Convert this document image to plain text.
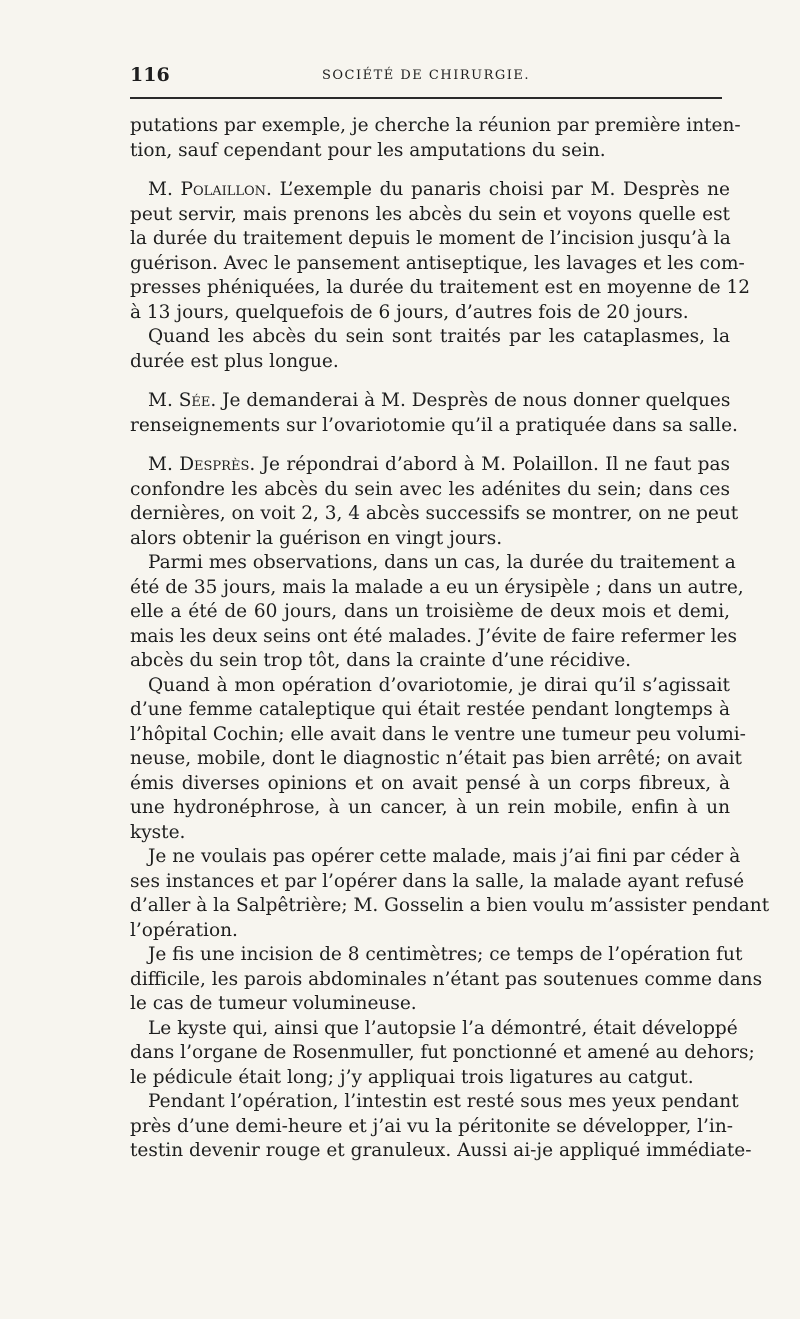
116	SOCIÉTÉ DE CHIRURGIE.
putations par exemple, je cherche la réunion par première inten-
tion, sauf cependant pour les amputations du sein.
M. Polaillon. L’exemple du panaris choisi par M. Desprès ne
peut servir, mais prenons les abcès du sein et voyons quelle est
la durée du traitement depuis le moment de l’incision jusqu’à la
guérison. Avec le pansement antiseptique, les lavages et les com-
presses phéniquées, la durée du traitement est en moyenne de 12
à 13 jours, quelquefois de 6 jours, d’autres fois de 20 jours.
Quand les abcès du sein sont traités par les cataplasmes, la
durée est plus longue.
M. Sée. Je demanderai à M. Desprès de nous donner quelques
renseignements sur l’ovariotomie qu’il a pratiquée dans sa salle.
M. Desprès. Je répondrai d’abord à M. Polaillon. Il ne faut pas
confondre les abcès du sein avec les adénites du sein; dans ces
dernières, on voit 2, 3, 4 abcès successifs se montrer, on ne peut
alors obtenir la guérison en vingt jours.
Parmi mes observations, dans un cas, la durée du traitement a
été de 35 jours, mais la malade a eu un érysipèle ; dans un autre,
elle a été de 60 jours, dans un troisième de deux mois et demi,
mais les deux seins ont été malades. J’évite de faire refermer les
abcès du sein trop tôt, dans la crainte d’une récidive.
Quand à mon opération d’ovariotomie, je dirai qu’il s’agissait
d’une femme cataleptique qui était restée pendant longtemps à
l’hôpital Cochin; elle avait dans le ventre une tumeur peu volumi-
neuse, mobile, dont le diagnostic n’était pas bien arrêté; on avait
émis diverses opinions et on avait pensé à un corps fibreux, à
une hydronéphrose, à un cancer, à un rein mobile, enfin à un
kyste.
Je ne voulais pas opérer cette malade, mais j’ai fini par céder à
ses instances et par l’opérer dans la salle, la malade ayant refusé
d’aller à la Salpêtrière; M. Gosselin a bien voulu m’assister pendant
l’opération.
Je fis une incision de 8 centimètres; ce temps de l’opération fut
difficile, les parois abdominales n’étant pas soutenues comme dans
le cas de tumeur volumineuse.
Le kyste qui, ainsi que l’autopsie l’a démontré, était développé
dans l’organe de Rosenmuller, fut ponctionné et amené au dehors;
le pédicule était long; j’y appliquai trois ligatures au catgut.
Pendant l’opération, l’intestin est resté sous mes yeux pendant
près d’une demi-heure et j’ai vu la péritonite se développer, l’in-
testin devenir rouge et granuleux. Aussi ai-je appliqué immédiate-
